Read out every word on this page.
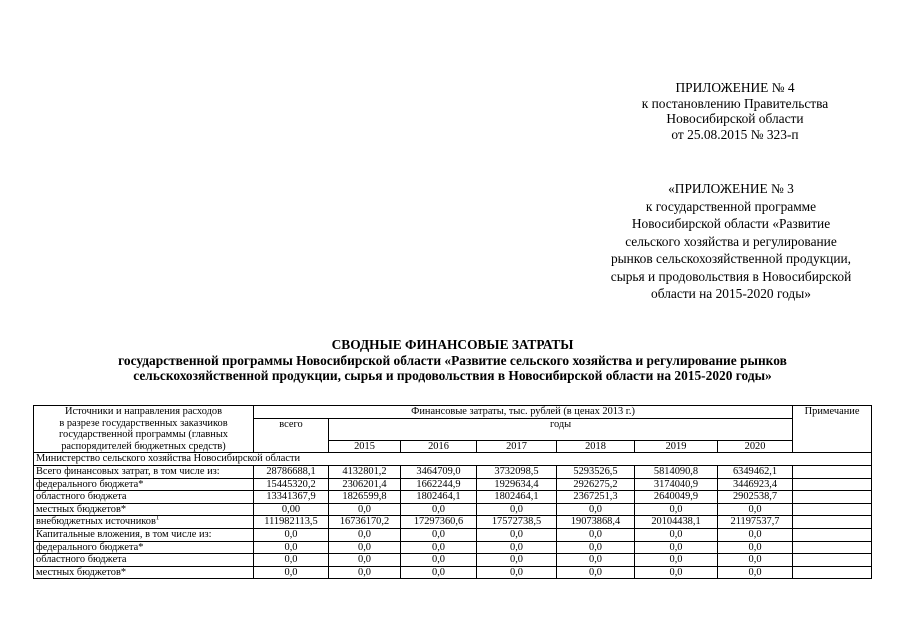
ПРИЛОЖЕНИЕ № 4
к постановлению Правительства
Новосибирской области
от 25.08.2015 № 323-п
«ПРИЛОЖЕНИЕ № 3
к государственной программе
Новосибирской области «Развитие
сельского хозяйства и регулирование
рынков сельскохозяйственной продукции,
сырья и продовольствия в Новосибирской
области на 2015-2020 годы»
СВОДНЫЕ ФИНАНСОВЫЕ ЗАТРАТЫ
государственной программы Новосибирской области «Развитие сельского хозяйства и регулирование рынков
сельскохозяйственной продукции, сырья и продовольствия в Новосибирской области на 2015-2020 годы»
Источники и направления расходов
в разрезе государственных заказчиков
государственной программы (главных
распорядителей бюджетных средств)	Финансовые затраты, тыс. рублей (в ценах 2013 г.)							Примечание
	всего	годы						
		2015	2016	2017	2018	2019	2020	
Министерство сельского хозяйства Новосибирской области								
Всего финансовых затрат, в том числе из:	28786688,1	4132801,2	3464709,0	3732098,5	5293526,5	5814090,8	6349462,1	
федерального бюджета*	15445320,2	2306201,4	1662244,9	1929634,4	2926275,2	3174040,9	3446923,4	
областного бюджета	13341367,9	1826599,8	1802464,1	1802464,1	2367251,3	2640049,9	2902538,7	
местных бюджетов*	0,00	0,0	0,0	0,0	0,0	0,0	0,0	
внебюджетных источников$^1$	111982113,5	16736170,2	17297360,6	17572738,5	19073868,4	20104438,1	21197537,7	
Капитальные вложения, в том числе из:	0,0	0,0	0,0	0,0	0,0	0,0	0,0	
федерального бюджета*	0,0	0,0	0,0	0,0	0,0	0,0	0,0	
областного бюджета	0,0	0,0	0,0	0,0	0,0	0,0	0,0	
местных бюджетов*	0,0	0,0	0,0	0,0	0,0	0,0	0,0	
